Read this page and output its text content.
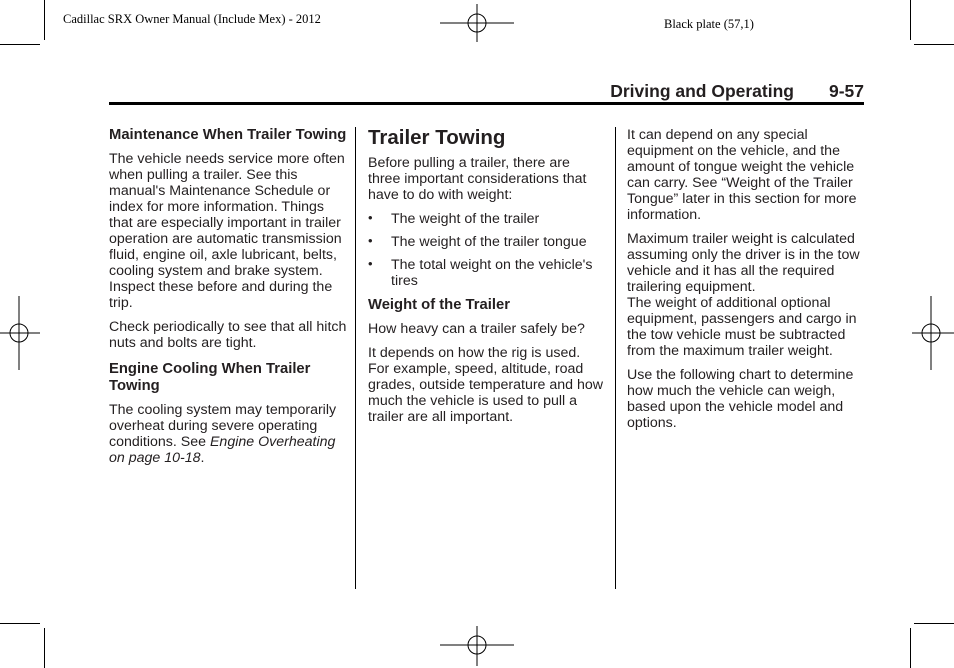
Cadillac SRX Owner Manual (Include Mex) - 2012	Black plate (57,1)
Driving and Operating 9-57
Maintenance When Trailer Towing

The vehicle needs service more often when pulling a trailer. See this manual's Maintenance Schedule or index for more information. Things that are especially important in trailer operation are automatic transmission fluid, engine oil, axle lubricant, belts, cooling system and brake system. Inspect these before and during the trip.

Check periodically to see that all hitch nuts and bolts are tight.

Engine Cooling When Trailer Towing

The cooling system may temporarily overheat during severe operating conditions. See Engine Overheating on page 10-18.

Trailer Towing

Before pulling a trailer, there are three important considerations that have to do with weight:

• The weight of the trailer
• The weight of the trailer tongue
• The total weight on the vehicle's tires
Weight of the Trailer

How heavy can a trailer safely be?

It depends on how the rig is used. For example, speed, altitude, road grades, outside temperature and how much the vehicle is used to pull a trailer are all important.

It can depend on any special equipment on the vehicle, and the amount of tongue weight the vehicle can carry. See “Weight of the Trailer Tongue” later in this section for more information.

Maximum trailer weight is calculated assuming only the driver is in the tow vehicle and it has all the required trailering equipment.

The weight of additional optional equipment, passengers and cargo in the tow vehicle must be subtracted from the maximum trailer weight.

Use the following chart to determine how much the vehicle can weigh, based upon the vehicle model and options.
